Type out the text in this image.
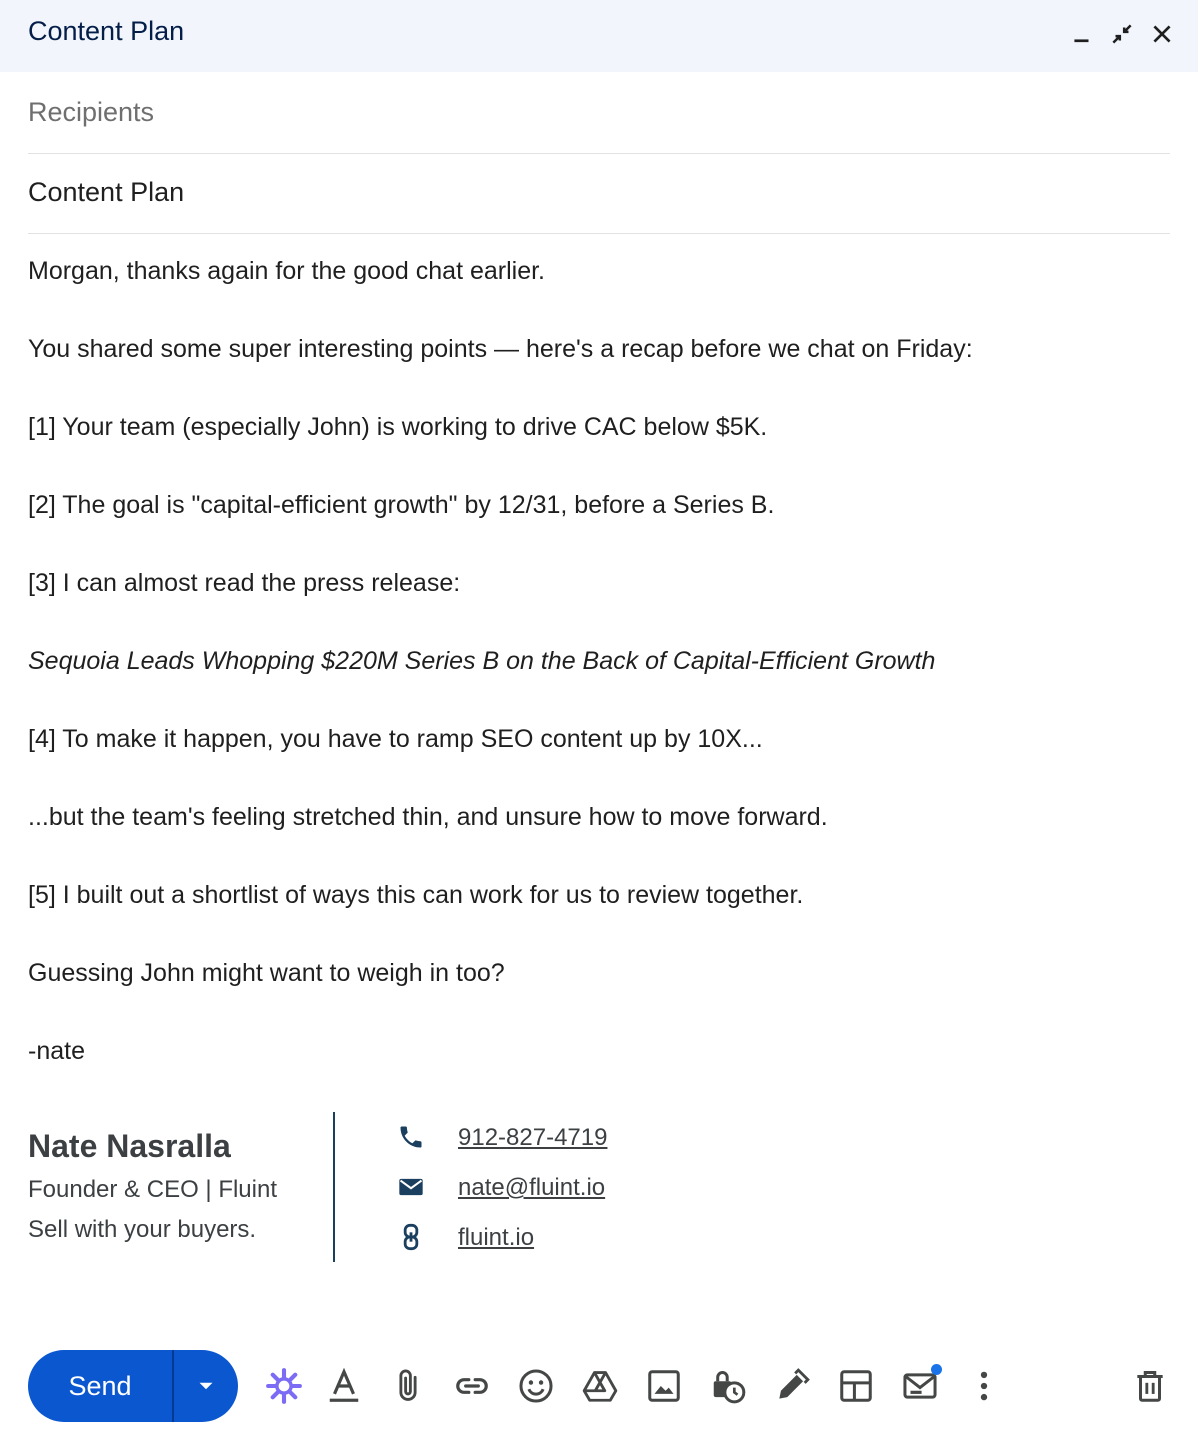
Content Plan
Recipients
Content Plan

Morgan, thanks again for the good chat earlier.

You shared some super interesting points — here's a recap before we chat on Friday:

[1] Your team (especially John) is working to drive CAC below $5K.

[2] The goal is "capital-efficient growth" by 12/31, before a Series B.

[3] I can almost read the press release:

Sequoia Leads Whopping $220M Series B on the Back of Capital-Efficient Growth

[4] To make it happen, you have to ramp SEO content up by 10X...

...but the team's feeling stretched thin, and unsure how to move forward.

[5] I built out a shortlist of ways this can work for us to review together.

Guessing John might want to weigh in too?

-nate

Nate Nasralla
Founder & CEO | Fluint
Sell with your buyers.
912-827-4719
nate@fluint.io
fluint.io
Send
